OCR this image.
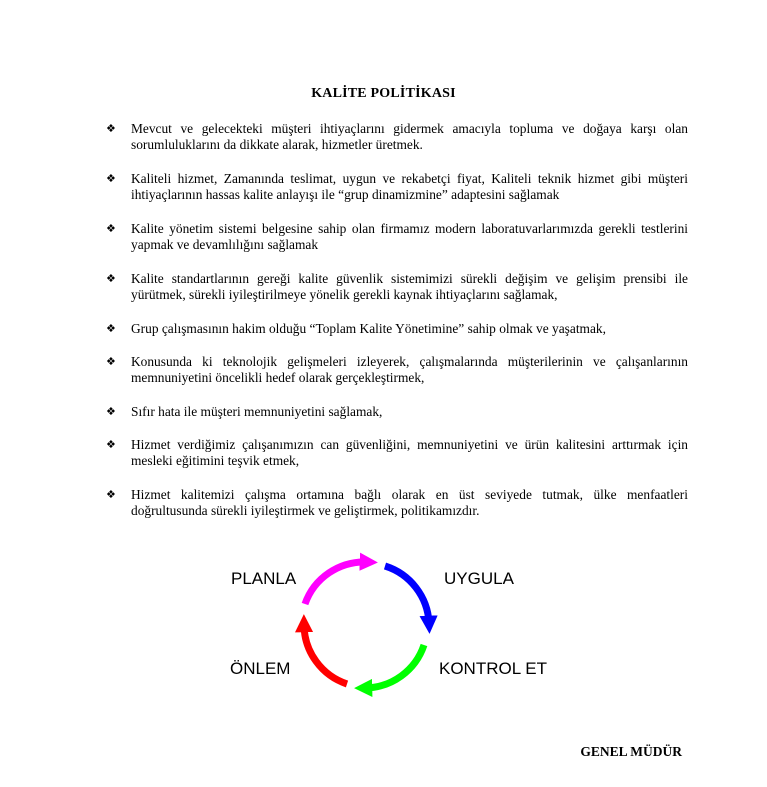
KALİTE POLİTİKASI
❖ Mevcut ve gelecekteki müşteri ihtiyaçlarını gidermek amacıyla topluma ve doğaya karşı olan sorumluluklarını da dikkate alarak, hizmetler üretmek.
❖ Kaliteli hizmet, Zamanında teslimat, uygun ve rekabetçi fiyat, Kaliteli teknik hizmet gibi müşteri ihtiyaçlarının hassas kalite anlayışı ile “grup dinamizmine” adaptesini sağlamak
❖ Kalite yönetim sistemi belgesine sahip olan firmamız modern laboratuvarlarımızda gerekli testlerini yapmak ve devamlılığını sağlamak
❖ Kalite standartlarının gereği kalite güvenlik sistemimizi sürekli değişim ve gelişim prensibi ile yürütmek, sürekli iyileştirilmeye yönelik gerekli kaynak ihtiyaçlarını sağlamak,
❖ Grup çalışmasının hakim olduğu “Toplam Kalite Yönetimine” sahip olmak ve yaşatmak,
❖ Konusunda ki teknolojik gelişmeleri izleyerek, çalışmalarında müşterilerinin ve çalışanlarının memnuniyetini öncelikli hedef olarak gerçekleştirmek,
❖ Sıfır hata ile müşteri memnuniyetini sağlamak,
❖ Hizmet verdiğimiz çalışanımızın can güvenliğini, memnuniyetini ve ürün kalitesini arttırmak için mesleki eğitimini teşvik etmek,
❖ Hizmet kalitemizi çalışma ortamına bağlı olarak en üst seviyede tutmak, ülke menfaatleri doğrultusunda sürekli iyileştirmek ve geliştirmek, politikamızdır.
PLANLA	UYGULA
KONTROL ET
ÖNLEM
GENEL MÜDÜR
